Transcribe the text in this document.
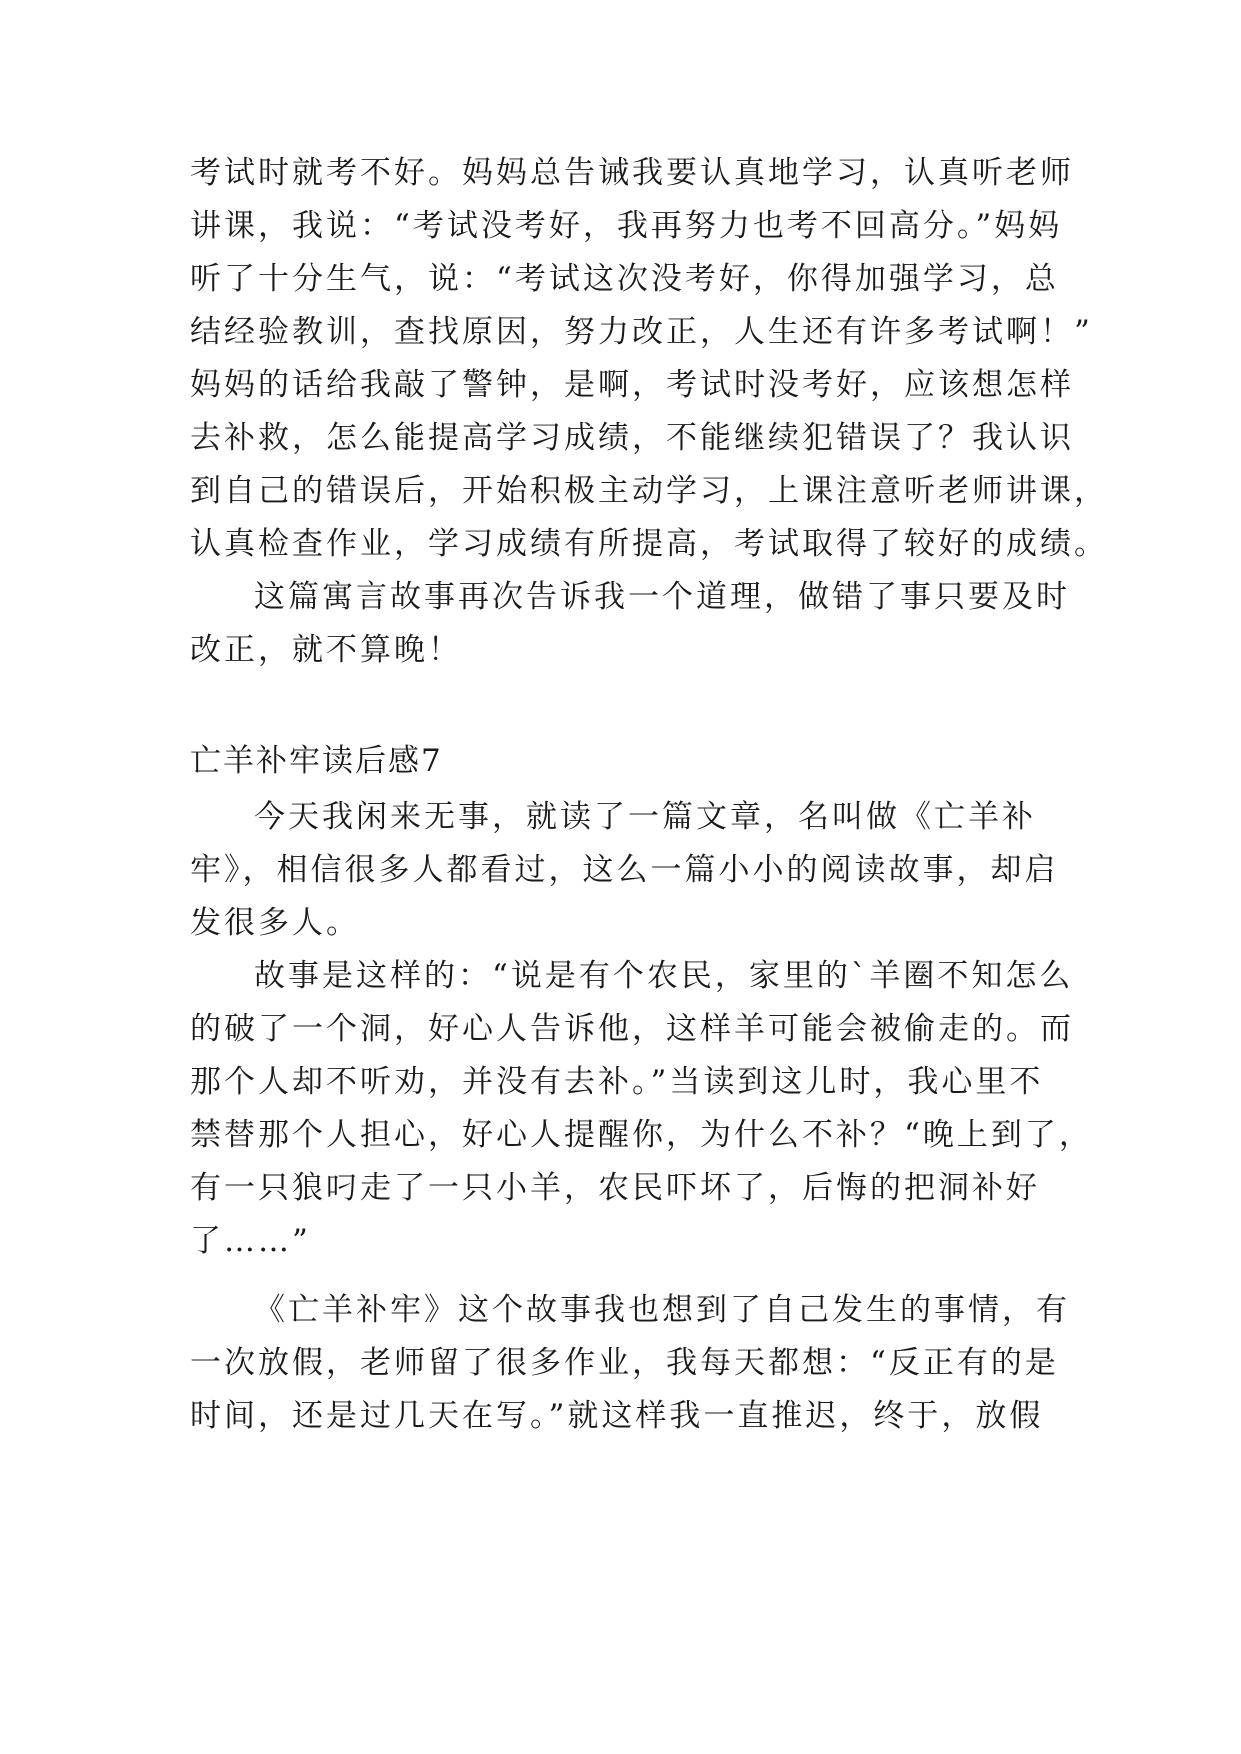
考试时就考不好。妈妈总告诫我要认真地学习，认真听老师
讲课，我说：“考试没考好，我再努力也考不回高分。”妈妈
听了十分生气，说：“考试这次没考好，你得加强学习，总
结经验教训，查找原因，努力改正，人生还有许多考试啊！”
妈妈的话给我敲了警钟，是啊，考试时没考好，应该想怎样
去补救，怎么能提高学习成绩，不能继续犯错误了？我认识
到自己的错误后，开始积极主动学习，上课注意听老师讲课，
认真检查作业，学习成绩有所提高，考试取得了较好的成绩。
这篇寓言故事再次告诉我一个道理，做错了事只要及时
改正，就不算晚！
亡羊补牢读后感7
今天我闲来无事，就读了一篇文章，名叫做《亡羊补
牢》，相信很多人都看过，这么一篇小小的阅读故事，却启
发很多人。
故事是这样的：“说是有个农民，家里的`羊圈不知怎么
的破了一个洞，好心人告诉他，这样羊可能会被偷走的。而
那个人却不听劝，并没有去补。”当读到这儿时，我心里不
禁替那个人担心，好心人提醒你，为什么不补？“晚上到了，
有一只狼叼走了一只小羊，农民吓坏了，后悔的把洞补好
了……”
《亡羊补牢》这个故事我也想到了自己发生的事情，有
一次放假，老师留了很多作业，我每天都想：“反正有的是
时间，还是过几天在写。”就这样我一直推迟，终于，放假
